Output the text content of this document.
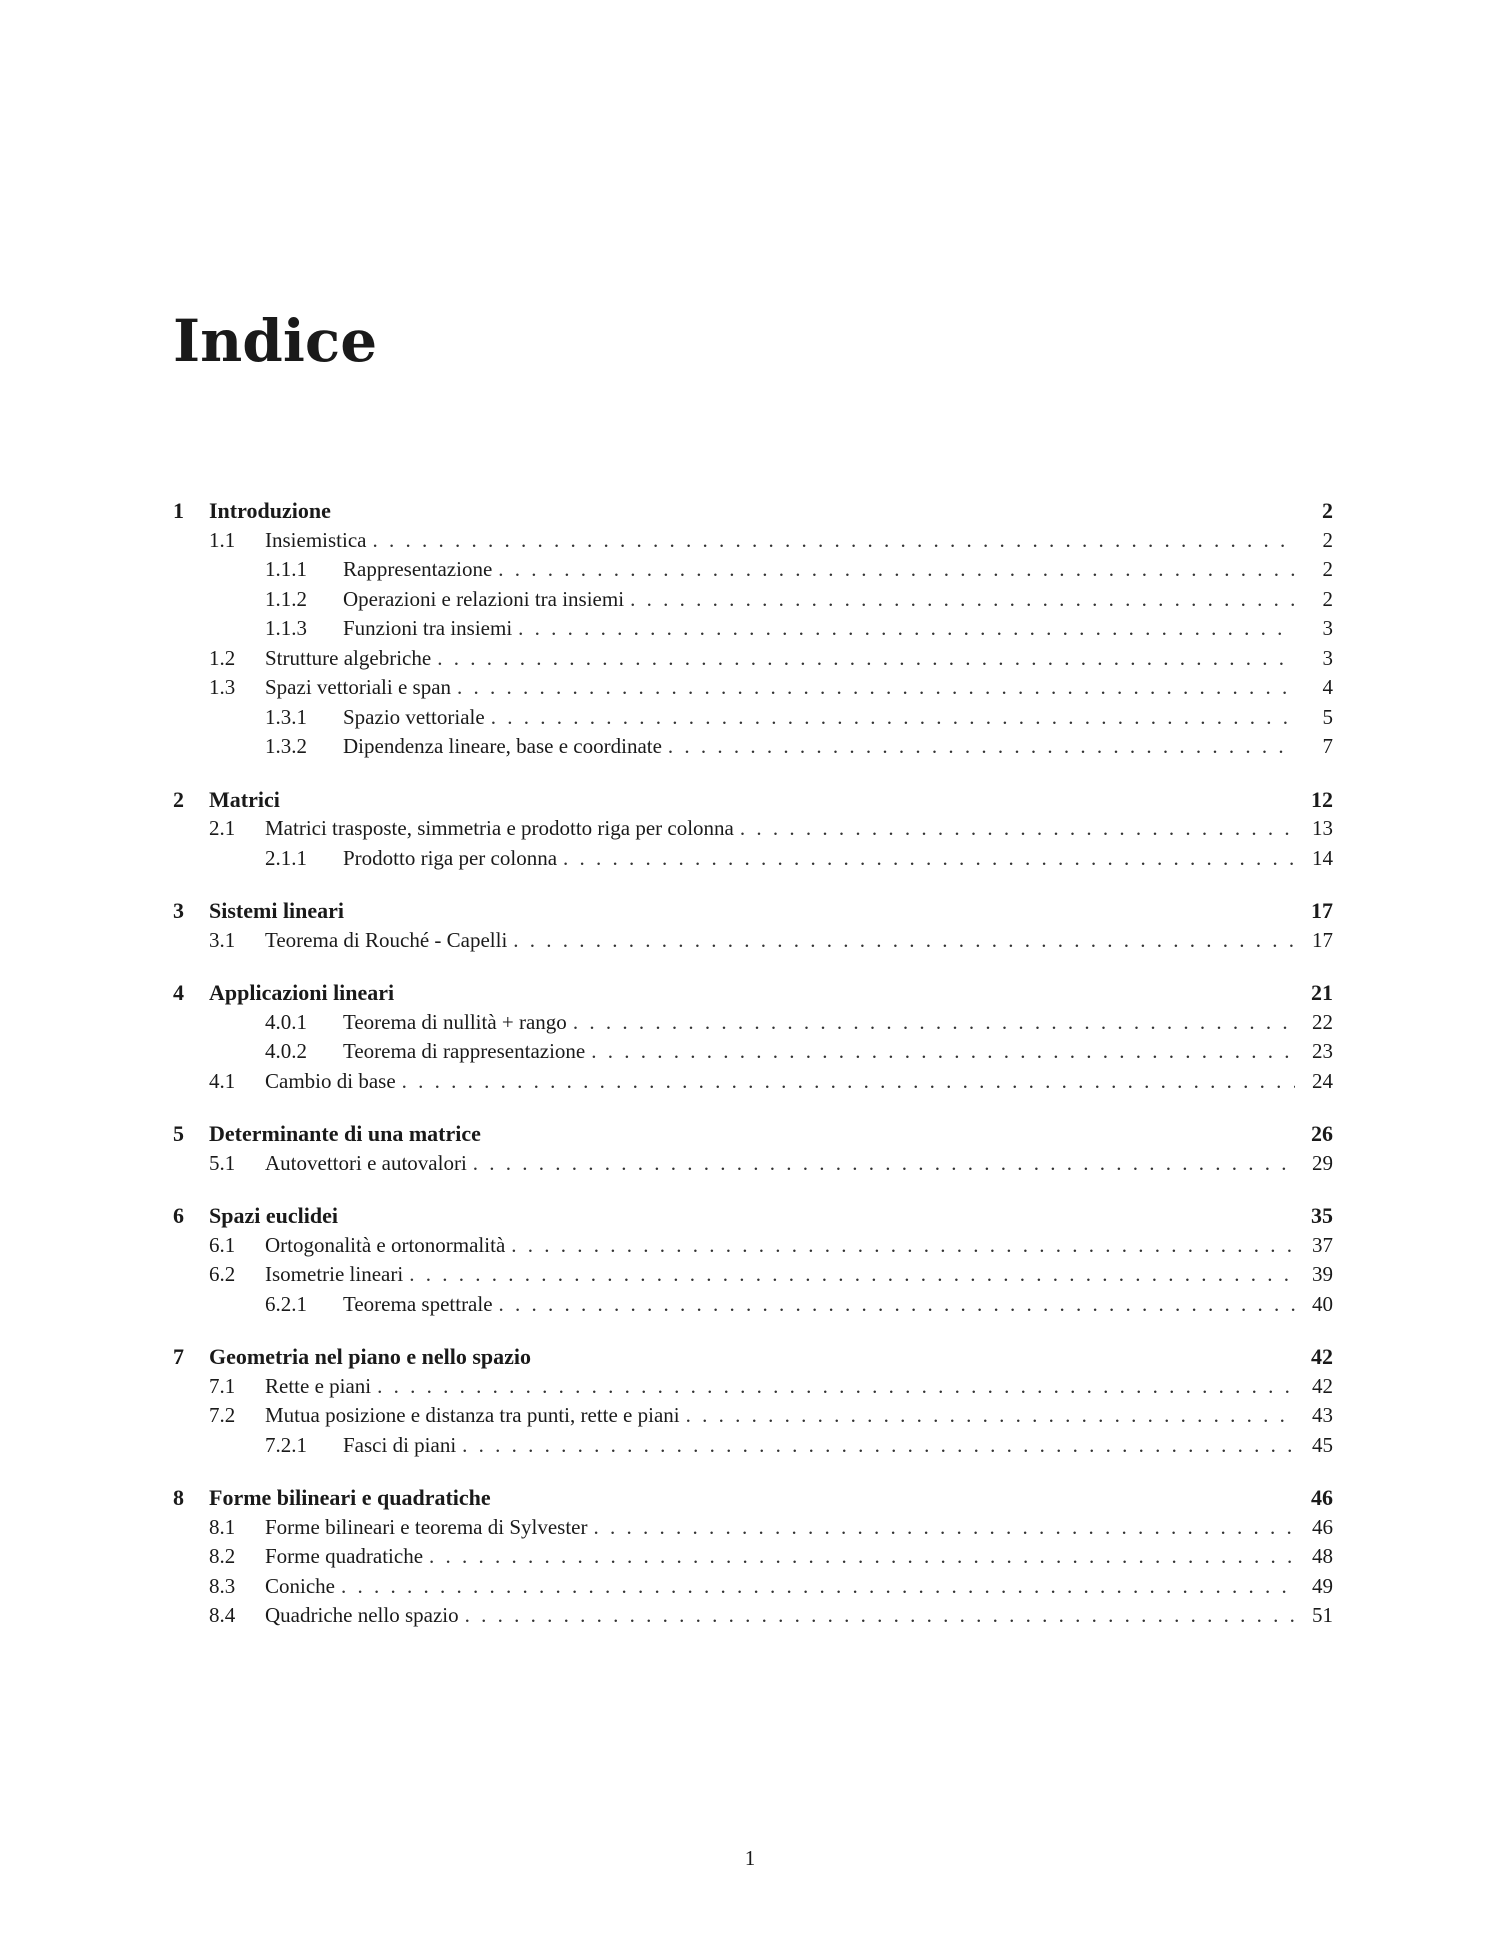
Indice
1	Introduzione	2
1.1	Insiemistica . . .	2
1.1.1	Rappresentazione . . .	2
1.1.2	Operazioni e relazioni tra insiemi . . .	2
1.1.3	Funzioni tra insiemi . . .	3
1.2	Strutture algebriche . . .	3
1.3	Spazi vettoriali e span . . .	4
1.3.1	Spazio vettoriale . . .	5
1.3.2	Dipendenza lineare, base e coordinate . . .	7
2	Matrici	12
2.1	Matrici trasposte, simmetria e prodotto riga per colonna . . .	13
2.1.1	Prodotto riga per colonna . . .	14
3	Sistemi lineari	17
3.1	Teorema di Rouché - Capelli . . .	17
4	Applicazioni lineari	21
4.0.1	Teorema di nullità + rango . . .	22
4.0.2	Teorema di rappresentazione . . .	23
4.1	Cambio di base . . .	24
5	Determinante di una matrice	26
5.1	Autovettori e autovalori . . .	29
6	Spazi euclidei	35
6.1	Ortogonalità e ortonormalità . . .	37
6.2	Isometrie lineari . . .	39
6.2.1	Teorema spettrale . . .	40
7	Geometria nel piano e nello spazio	42
7.1	Rette e piani . . .	42
7.2	Mutua posizione e distanza tra punti, rette e piani . . .	43
7.2.1	Fasci di piani . . .	45
8	Forme bilineari e quadratiche	46
8.1	Forme bilineari e teorema di Sylvester . . .	46
8.2	Forme quadratiche . . .	48
8.3	Coniche . . .	49
8.4	Quadriche nello spazio . . .	51
1
